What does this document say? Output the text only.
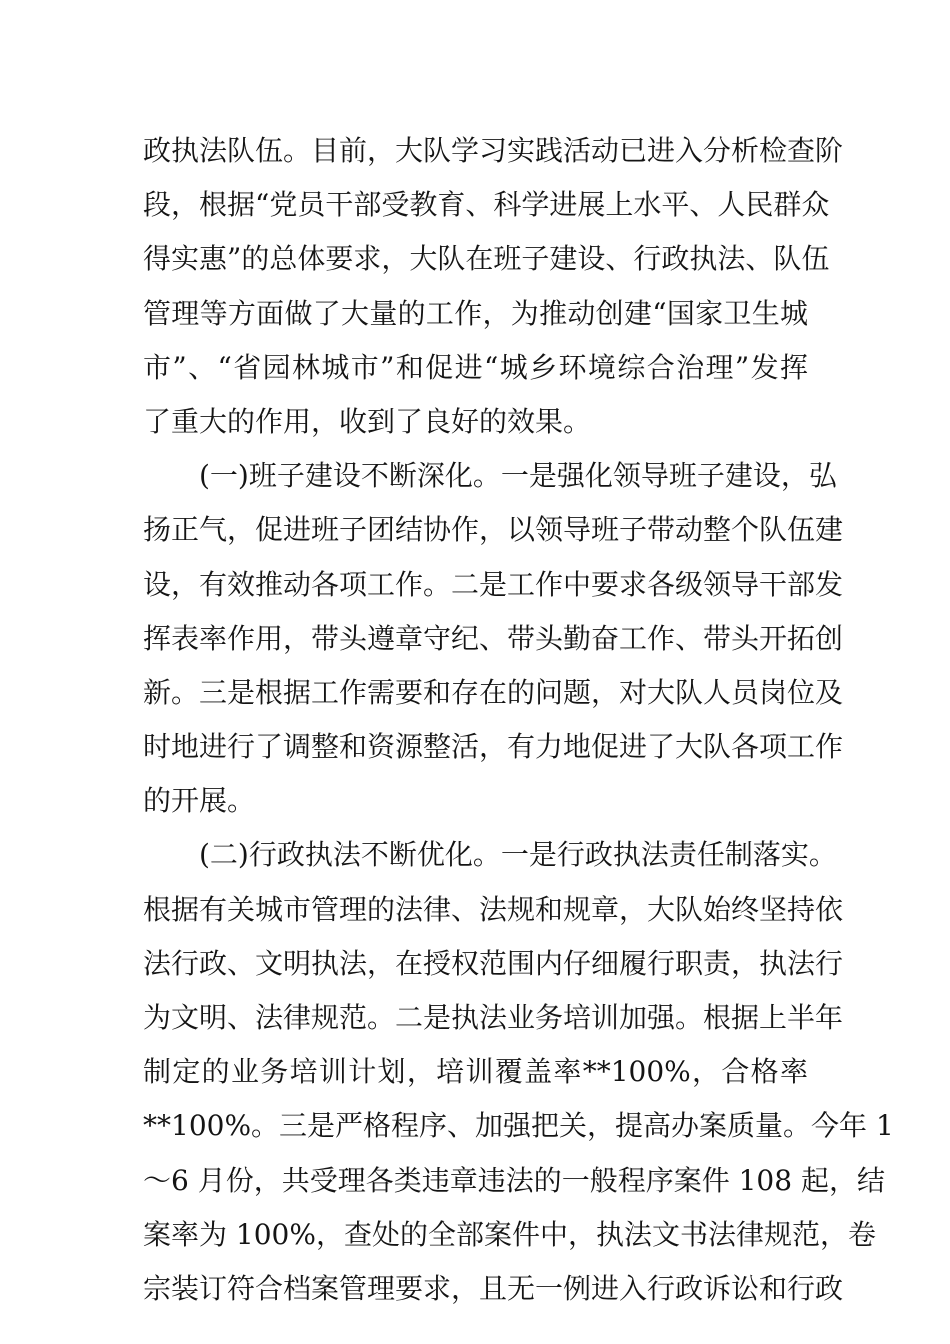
政执法队伍。目前，大队学习实践活动已进入分析检查阶
段，根据“党员干部受教育、科学进展上水平、人民群众
得实惠”的总体要求，大队在班子建设、行政执法、队伍
管理等方面做了大量的工作，为推动创建“国家卫生城
市”、“省园林城市”和促进“城乡环境综合治理”发挥
了重大的作用，收到了良好的效果。
(一)班子建设不断深化。一是强化领导班子建设，弘
扬正气，促进班子团结协作，以领导班子带动整个队伍建
设，有效推动各项工作。二是工作中要求各级领导干部发
挥表率作用，带头遵章守纪、带头勤奋工作、带头开拓创
新。三是根据工作需要和存在的问题，对大队人员岗位及
时地进行了调整和资源整活，有力地促进了大队各项工作
的开展。
(二)行政执法不断优化。一是行政执法责任制落实。
根据有关城市管理的法律、法规和规章，大队始终坚持依
法行政、文明执法，在授权范围内仔细履行职责，执法行
为文明、法律规范。二是执法业务培训加强。根据上半年
制定的业务培训计划，培训覆盖率**100%，合格率
**100%。三是严格程序、加强把关，提高办案质量。今年 1
～6 月份，共受理各类违章违法的一般程序案件 108 起，结
案率为 100%，查处的全部案件中，执法文书法律规范，卷
宗装订符合档案管理要求，且无一例进入行政诉讼和行政
